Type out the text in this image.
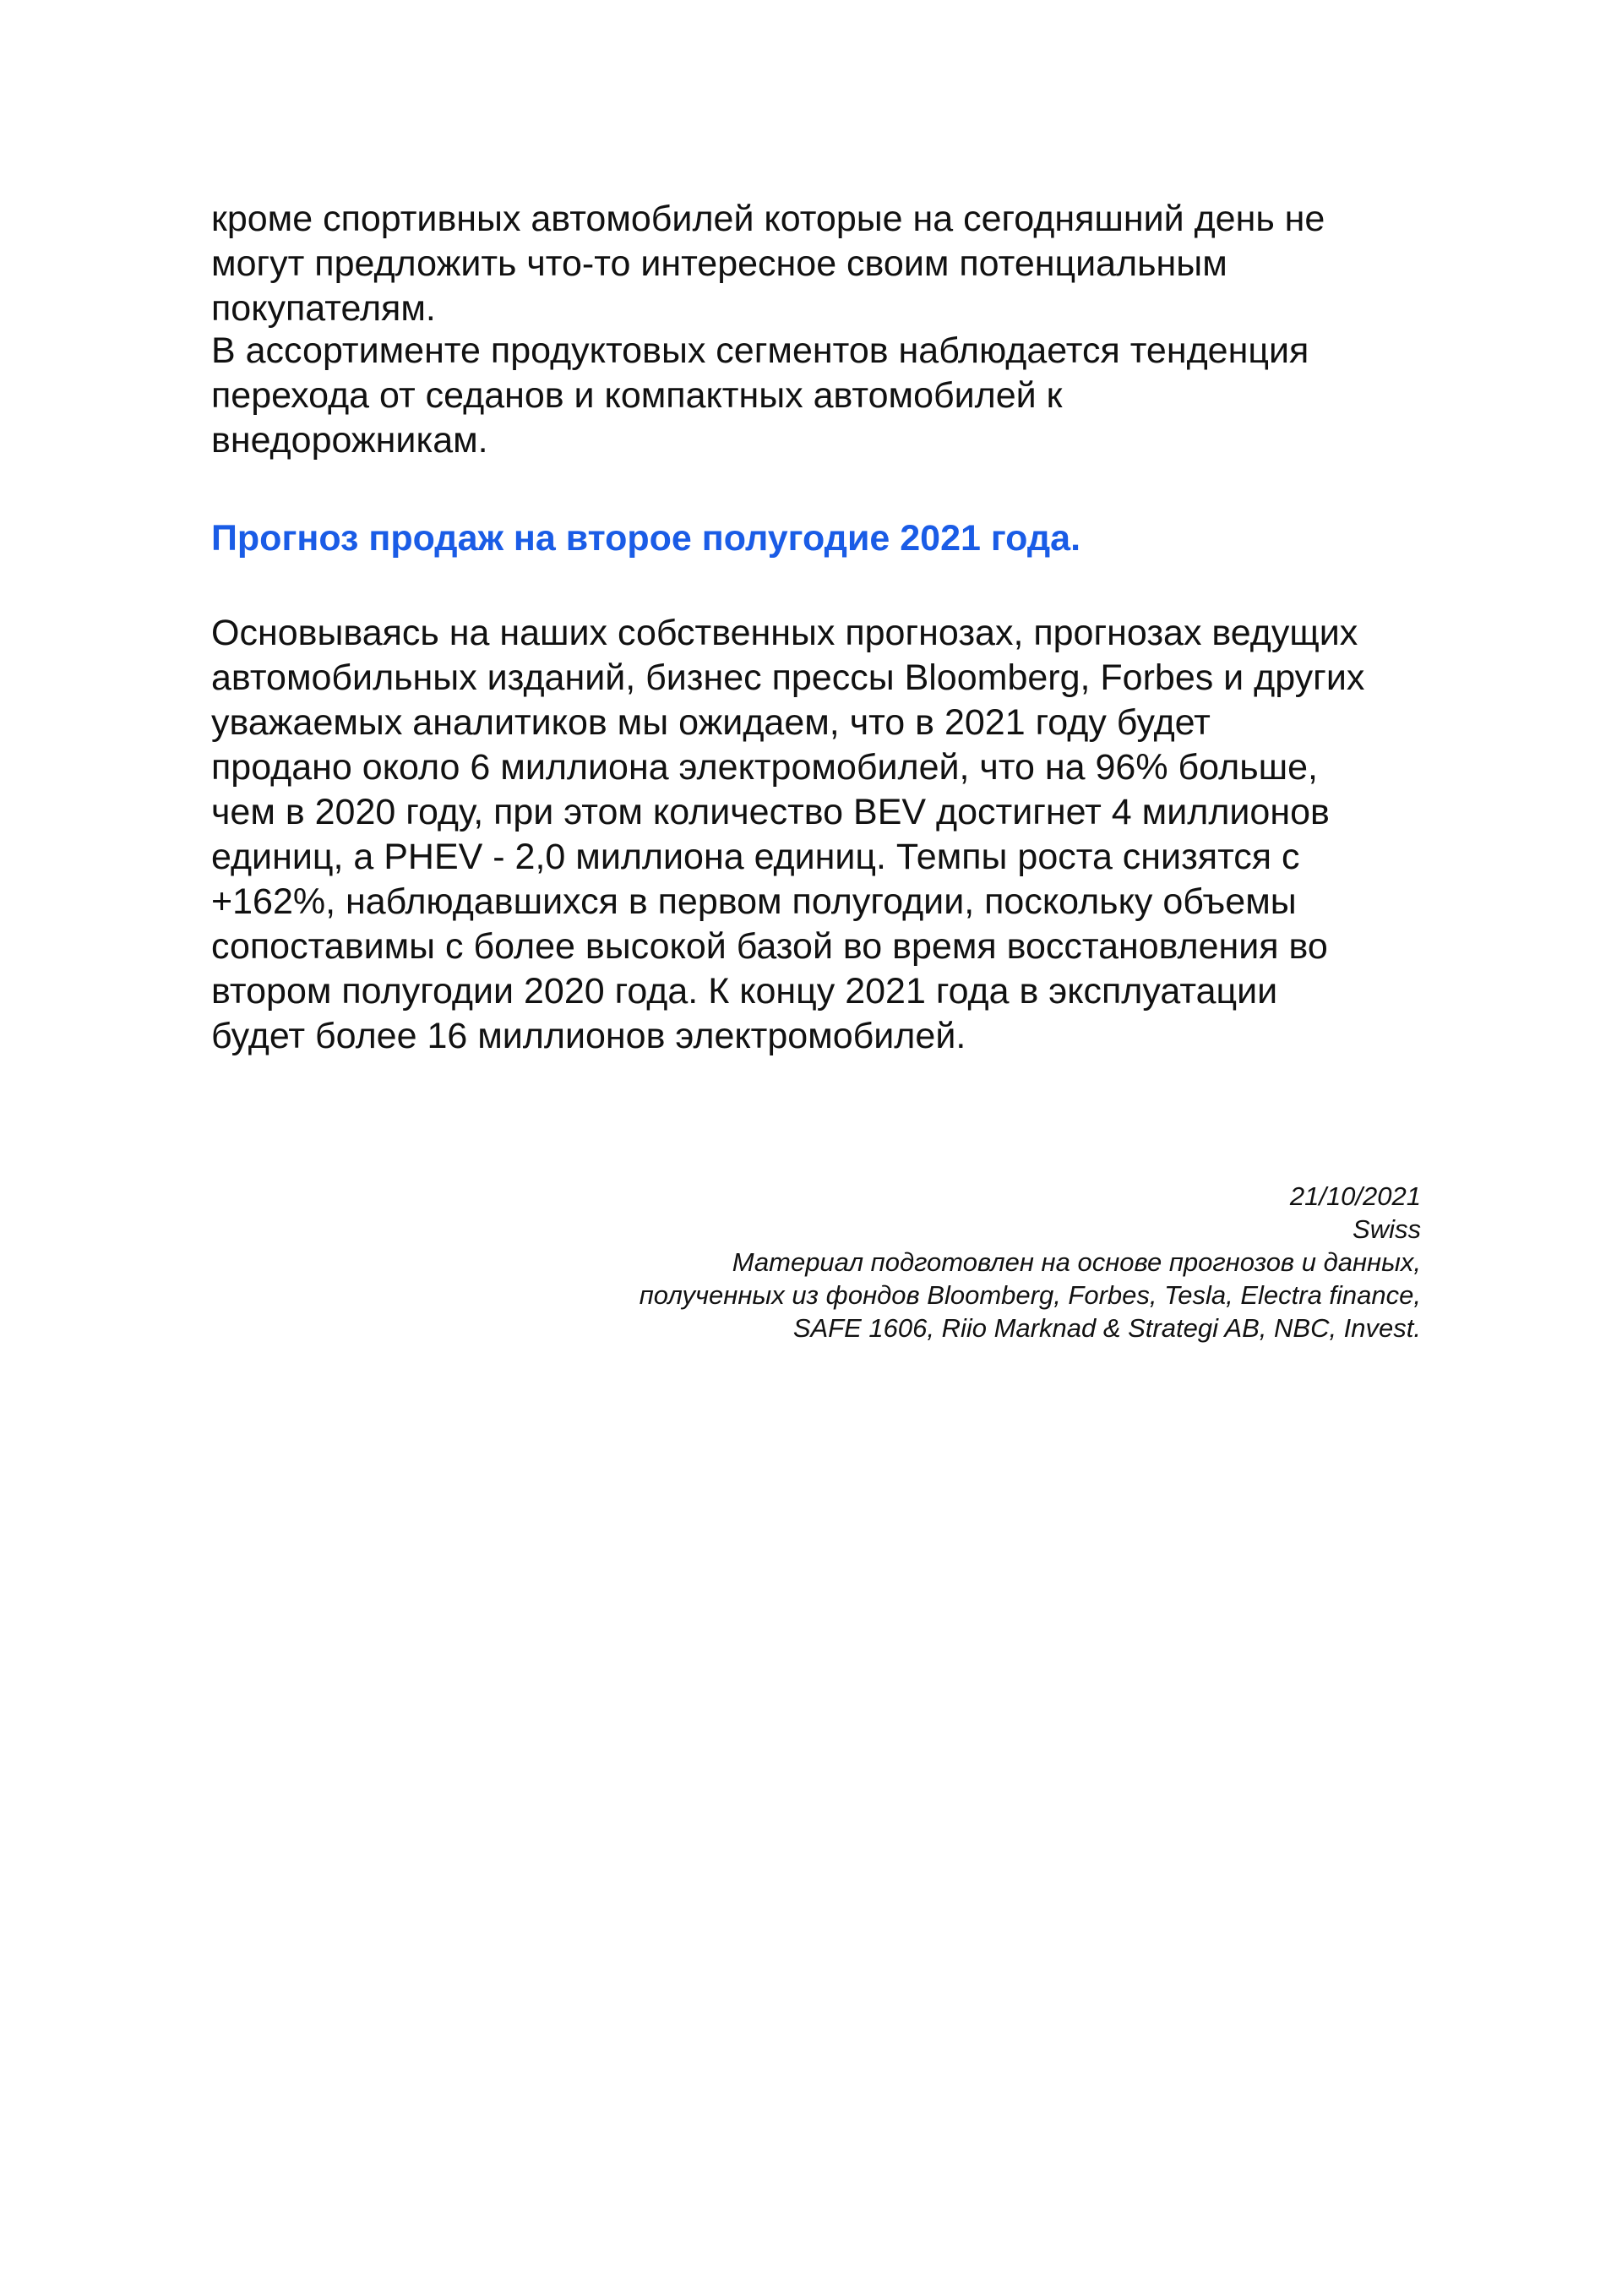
кроме спортивных автомобилей которые на сегодняшний день не
могут предложить что-то интересное своим потенциальным
покупателям.

В ассортименте продуктовых сегментов наблюдается тенденция
перехода от седанов и компактных автомобилей к
внедорожникам.

Прогноз продаж на второе полугодие 2021 года.

Основываясь на наших собственных прогнозах, прогнозах ведущих
автомобильных изданий, бизнес прессы Bloomberg, Forbes и других
уважаемых аналитиков мы ожидаем, что в 2021 году будет
продано около 6 миллиона электромобилей, что на 96% больше,
чем в 2020 году, при этом количество BEV достигнет 4 миллионов
единиц, а PHEV - 2,0 миллиона единиц. Темпы роста снизятся с
+162%, наблюдавшихся в первом полугодии, поскольку объемы
сопоставимы с более высокой базой во время восстановления во
втором полугодии 2020 года. К концу 2021 года в эксплуатации
будет более 16 миллионов электромобилей.

21/10/2021
Swiss
Материал подготовлен на основе прогнозов и данных,
полученных из фондов Bloomberg, Forbes, Tesla, Electra finance,
SAFE 1606, Riio Marknad & Strategi AB, NBC, Invest.
